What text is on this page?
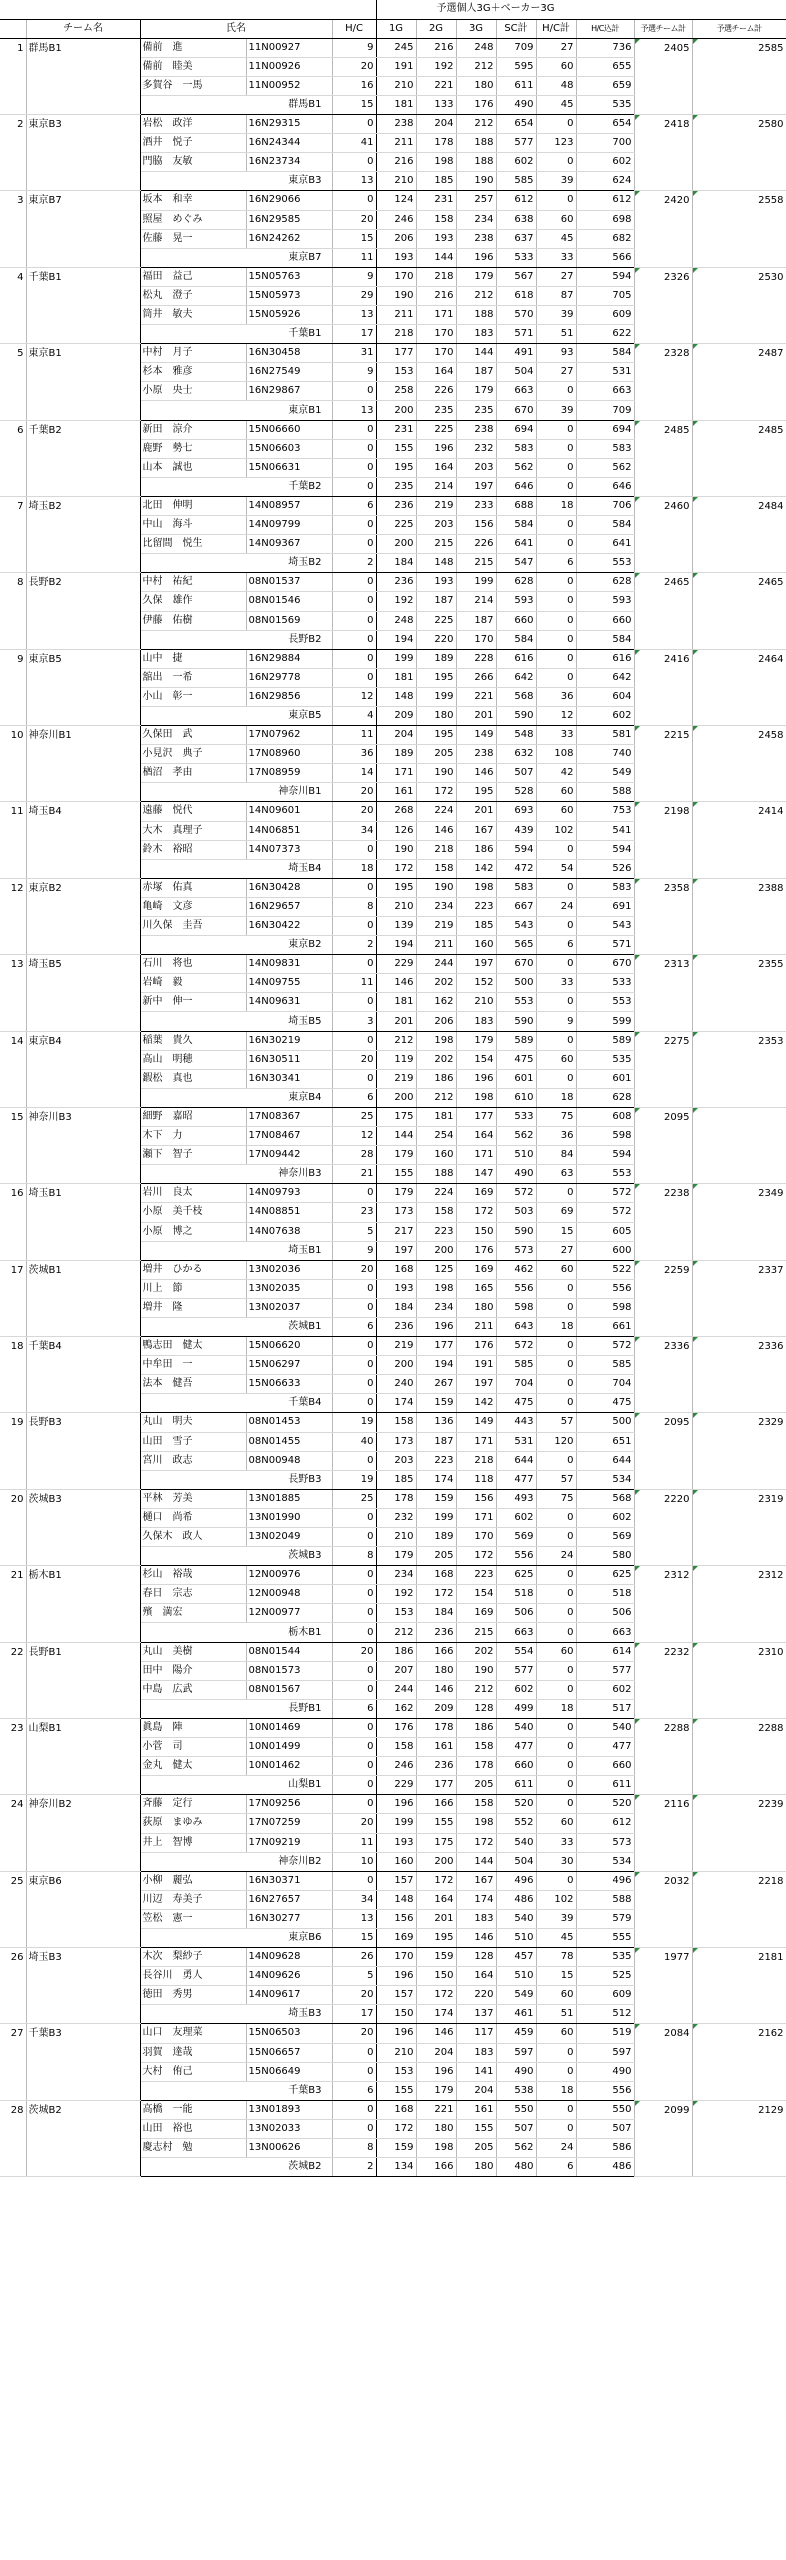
					予選個人3G＋ベーカー3G							
	チーム名	氏名		H/C	1G	2G	3G	SC計	H/C計	H/C込計	予選チーム計	予選チーム計
1	群馬B1	備前　進	11N00927	9	245	216	248	709	27	736	2405	2585
		備前　睦美	11N00926	20	191	192	212	595	60	655		
		多賀谷　一馬	11N00952	16	210	221	180	611	48	659		
		群馬B1		15	181	133	176	490	45	535		
2	東京B3	岩松　政洋	16N29315	0	238	204	212	654	0	654	2418	2580
		酒井　悦子	16N24344	41	211	178	188	577	123	700		
		門脇　友敏	16N23734	0	216	198	188	602	0	602		
		東京B3		13	210	185	190	585	39	624		
3	東京B7	坂本　和幸	16N29066	0	124	231	257	612	0	612	2420	2558
		照屋　めぐみ	16N29585	20	246	158	234	638	60	698		
		佐藤　晃一	16N24262	15	206	193	238	637	45	682		
		東京B7		11	193	144	196	533	33	566		
4	千葉B1	福田　益己	15N05763	9	170	218	179	567	27	594	2326	2530
		松丸　澄子	15N05973	29	190	216	212	618	87	705		
		筒井　敏夫	15N05926	13	211	171	188	570	39	609		
		千葉B1		17	218	170	183	571	51	622		
5	東京B1	中村　月子	16N30458	31	177	170	144	491	93	584	2328	2487
		杉本　雅彦	16N27549	9	153	164	187	504	27	531		
		小原　央士	16N29867	0	258	226	179	663	0	663		
		東京B1		13	200	235	235	670	39	709		
6	千葉B2	新田　涼介	15N06660	0	231	225	238	694	0	694	2485	2485
		鹿野　勢七	15N06603	0	155	196	232	583	0	583		
		山本　誠也	15N06631	0	195	164	203	562	0	562		
		千葉B2		0	235	214	197	646	0	646		
7	埼玉B2	北田　伸明	14N08957	6	236	219	233	688	18	706	2460	2484
		中山　海斗	14N09799	0	225	203	156	584	0	584		
		比留間　悦生	14N09367	0	200	215	226	641	0	641		
		埼玉B2		2	184	148	215	547	6	553		
8	長野B2	中村　祐紀	08N01537	0	236	193	199	628	0	628	2465	2465
		久保　雄作	08N01546	0	192	187	214	593	0	593		
		伊藤　佑樹	08N01569	0	248	225	187	660	0	660		
		長野B2		0	194	220	170	584	0	584		
9	東京B5	山中　捷	16N29884	0	199	189	228	616	0	616	2416	2464
		舘出　一希	16N29778	0	181	195	266	642	0	642		
		小山　彰一	16N29856	12	148	199	221	568	36	604		
		東京B5		4	209	180	201	590	12	602		
10	神奈川B1	久保田　武	17N07962	11	204	195	149	548	33	581	2215	2458
		小見沢　典子	17N08960	36	189	205	238	632	108	740		
		楢沼　孝由	17N08959	14	171	190	146	507	42	549		
		神奈川B1		20	161	172	195	528	60	588		
11	埼玉B4	遠藤　悦代	14N09601	20	268	224	201	693	60	753	2198	2414
		大木　真理子	14N06851	34	126	146	167	439	102	541		
		鈴木　裕昭	14N07373	0	190	218	186	594	0	594		
		埼玉B4		18	172	158	142	472	54	526		
12	東京B2	赤塚　佑真	16N30428	0	195	190	198	583	0	583	2358	2388
		亀崎　文彦	16N29657	8	210	234	223	667	24	691		
		川久保　圭吾	16N30422	0	139	219	185	543	0	543		
		東京B2		2	194	211	160	565	6	571		
13	埼玉B5	石川　将也	14N09831	0	229	244	197	670	0	670	2313	2355
		岩崎　毅	14N09755	11	146	202	152	500	33	533		
		新中　伸一	14N09631	0	181	162	210	553	0	553		
		埼玉B5		3	201	206	183	590	9	599		
14	東京B4	稲葉　貴久	16N30219	0	212	198	179	589	0	589	2275	2353
		高山　明穂	16N30511	20	119	202	154	475	60	535		
		鍜松　真也	16N30341	0	219	186	196	601	0	601		
		東京B4		6	200	212	198	610	18	628		
15	神奈川B3	細野　嘉昭	17N08367	25	175	181	177	533	75	608	2095	
		木下　力	17N08467	12	144	254	164	562	36	598		
		瀬下　智子	17N09442	28	179	160	171	510	84	594		
		神奈川B3		21	155	188	147	490	63	553		
16	埼玉B1	岩川　良太	14N09793	0	179	224	169	572	0	572	2238	2349
		小原　美千枝	14N08851	23	173	158	172	503	69	572		
		小原　博之	14N07638	5	217	223	150	590	15	605		
		埼玉B1		9	197	200	176	573	27	600		
17	茨城B1	増井　ひかる	13N02036	20	168	125	169	462	60	522	2259	2337
		川上　節	13N02035	0	193	198	165	556	0	556		
		増井　隆	13N02037	0	184	234	180	598	0	598		
		茨城B1		6	236	196	211	643	18	661		
18	千葉B4	鴨志田　健太	15N06620	0	219	177	176	572	0	572	2336	2336
		中牟田　一	15N06297	0	200	194	191	585	0	585		
		法本　健吾	15N06633	0	240	267	197	704	0	704		
		千葉B4		0	174	159	142	475	0	475		
19	長野B3	丸山　明夫	08N01453	19	158	136	149	443	57	500	2095	2329
		山田　雪子	08N01455	40	173	187	171	531	120	651		
		宮川　政志	08N00948	0	203	223	218	644	0	644		
		長野B3		19	185	174	118	477	57	534		
20	茨城B3	平林　芳美	13N01885	25	178	159	156	493	75	568	2220	2319
		樋口　尚希	13N01990	0	232	199	171	602	0	602		
		久保木　政人	13N02049	0	210	189	170	569	0	569		
		茨城B3		8	179	205	172	556	24	580		
21	栃木B1	杉山　裕哉	12N00976	0	234	168	223	625	0	625	2312	2312
		春日　宗志	12N00948	0	192	172	154	518	0	518		
		殯　満宏	12N00977	0	153	184	169	506	0	506		
		栃木B1		0	212	236	215	663	0	663		
22	長野B1	丸山　美樹	08N01544	20	186	166	202	554	60	614	2232	2310
		田中　陽介	08N01573	0	207	180	190	577	0	577		
		中島　広武	08N01567	0	244	146	212	602	0	602		
		長野B1		6	162	209	128	499	18	517		
23	山梨B1	眞島　陣	10N01469	0	176	178	186	540	0	540	2288	2288
		小菅　司	10N01499	0	158	161	158	477	0	477		
		金丸　健太	10N01462	0	246	236	178	660	0	660		
		山梨B1		0	229	177	205	611	0	611		
24	神奈川B2	斉藤　定行	17N09256	0	196	166	158	520	0	520	2116	2239
		荻原　まゆみ	17N07259	20	199	155	198	552	60	612		
		井上　智博	17N09219	11	193	175	172	540	33	573		
		神奈川B2		10	160	200	144	504	30	534		
25	東京B6	小柳　麗弘	16N30371	0	157	172	167	496	0	496	2032	2218
		川辺　寿美子	16N27657	34	148	164	174	486	102	588		
		笠松　憲一	16N30277	13	156	201	183	540	39	579		
		東京B6		15	169	195	146	510	45	555		
26	埼玉B3	木次　梨紗子	14N09628	26	170	159	128	457	78	535	1977	2181
		長谷川　勇人	14N09626	5	196	150	164	510	15	525		
		徳田　秀男	14N09617	20	157	172	220	549	60	609		
		埼玉B3		17	150	174	137	461	51	512		
27	千葉B3	山口　友理菜	15N06503	20	196	146	117	459	60	519	2084	2162
		羽賀　達哉	15N06657	0	210	204	183	597	0	597		
		大村　侑己	15N06649	0	153	196	141	490	0	490		
		千葉B3		6	155	179	204	538	18	556		
28	茨城B2	高橋　一能	13N01893	0	168	221	161	550	0	550	2099	2129
		山田　裕也	13N02033	0	172	180	155	507	0	507		
		慶志村　勉	13N00626	8	159	198	205	562	24	586		
		茨城B2		2	134	166	180	480	6	486		
